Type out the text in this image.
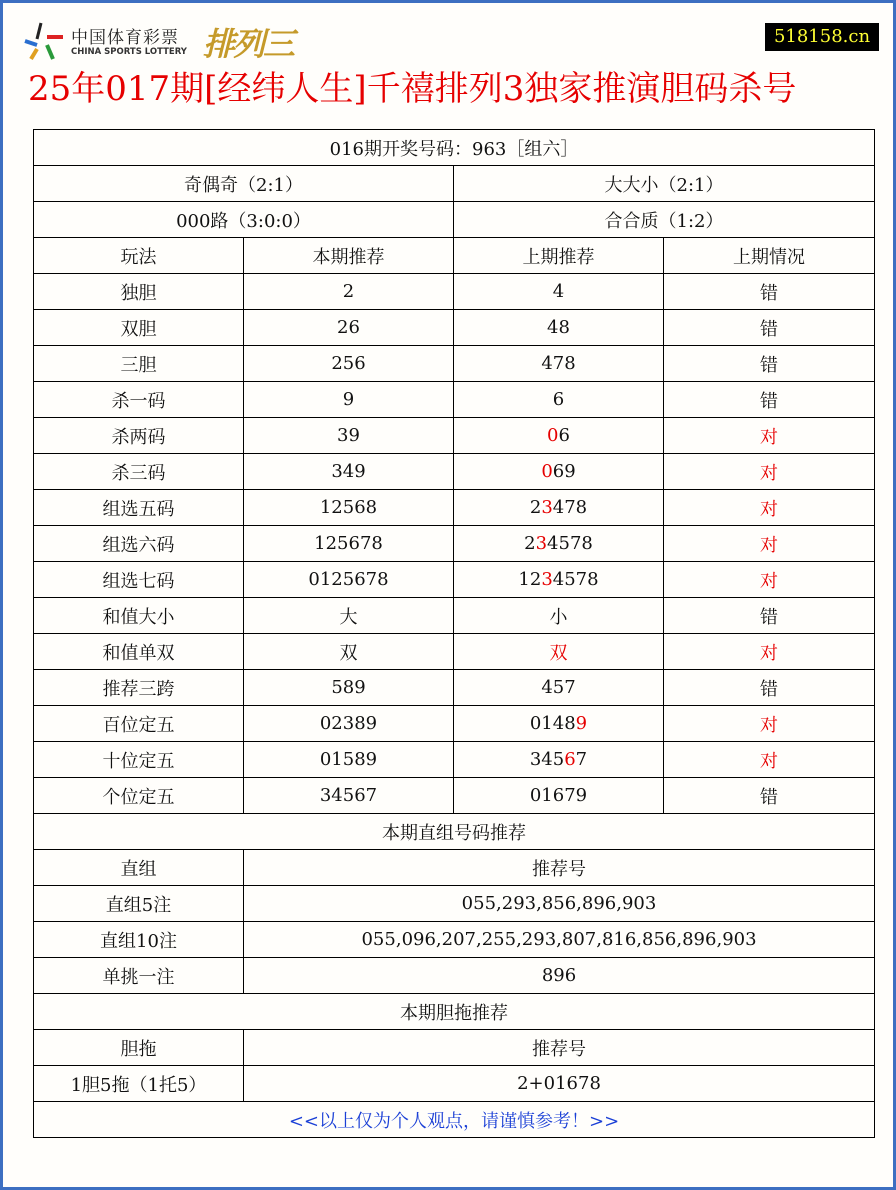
中国体育彩票
CHINA SPORTS LOTTERY 排列三	518158.cn
25年017期[经纬人生]千禧排列3独家推演胆码杀号
016期开奖号码：963［组六］			
奇偶奇（2:1）		大大小（2:1）	
000路（3:0:0）		合合质（1:2）	
玩法	本期推荐	上期推荐	上期情况
独胆	2	4	错
双胆	26	48	错
三胆	256	478	错
杀一码	9	6	错
杀两码	39	06	对
杀三码	349	069	对
组选五码	12568	23478	对
组选六码	125678	234578	对
组选七码	0125678	1234578	对
和值大小	大	小	错
和值单双	双	双	对
推荐三跨	589	457	错
百位定五	02389	01489	对
十位定五	01589	34567	对
个位定五	34567	01679	错
本期直组号码推荐			
直组	推荐号		
直组5注	055,293,856,896,903		
直组10注	055,096,207,255,293,807,816,856,896,903		
单挑一注	896		
本期胆拖推荐			
胆拖	推荐号		
1胆5拖（1托5）	2+01678		
<<以上仅为个人观点，请谨慎参考！>>			
